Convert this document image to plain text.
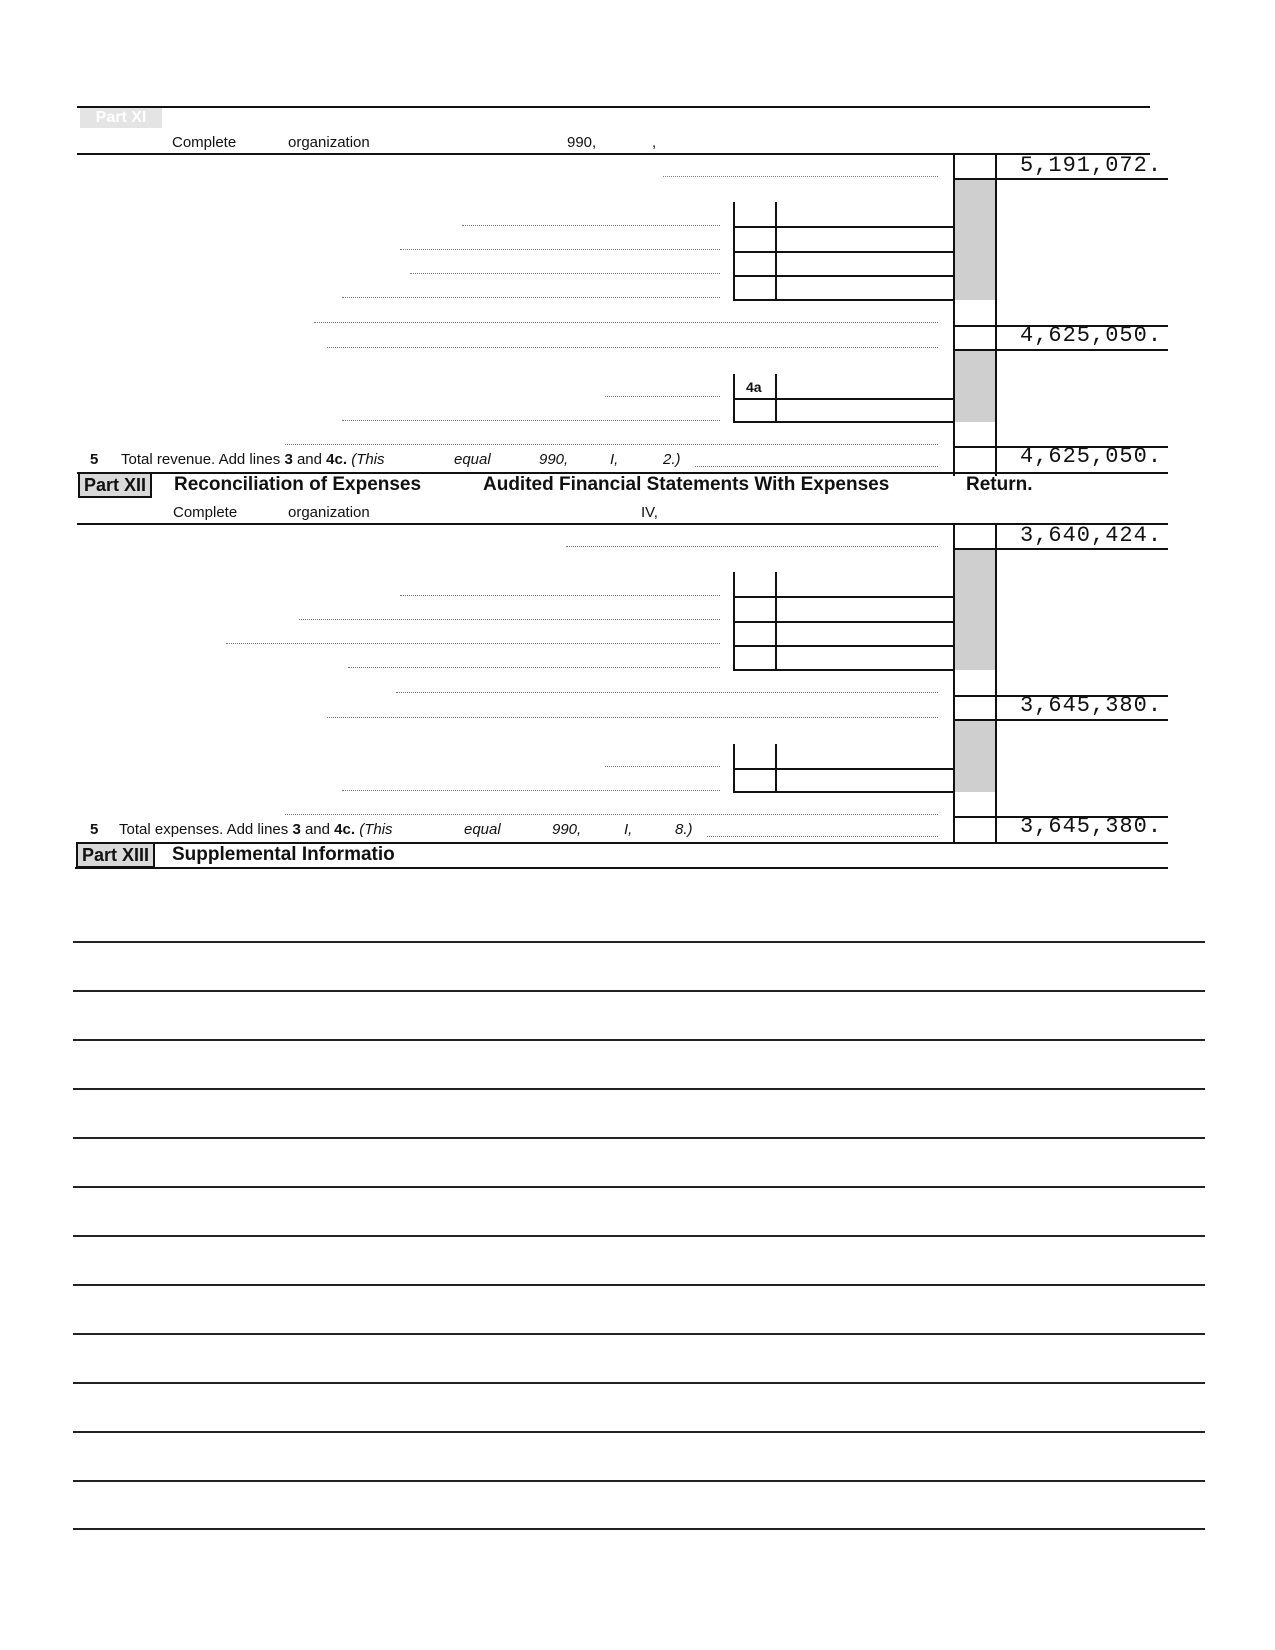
Part XI
Complete	organization	990,	,
5,191,072.
4,625,050.
4a
5 Total revenue. Add lines 3 and 4c. (This	equal	990,	I,	2.)	4,625,050.
Part XII	Reconciliation of Expenses	Audited Financial Statements With Expenses	Return.
Complete	organization	IV,
3,640,424.
3,645,380.
5 Total expenses. Add lines 3 and 4c. (This	equal	990,	I,	8.)	3,645,380.
Part XIII	Supplemental Informatio
